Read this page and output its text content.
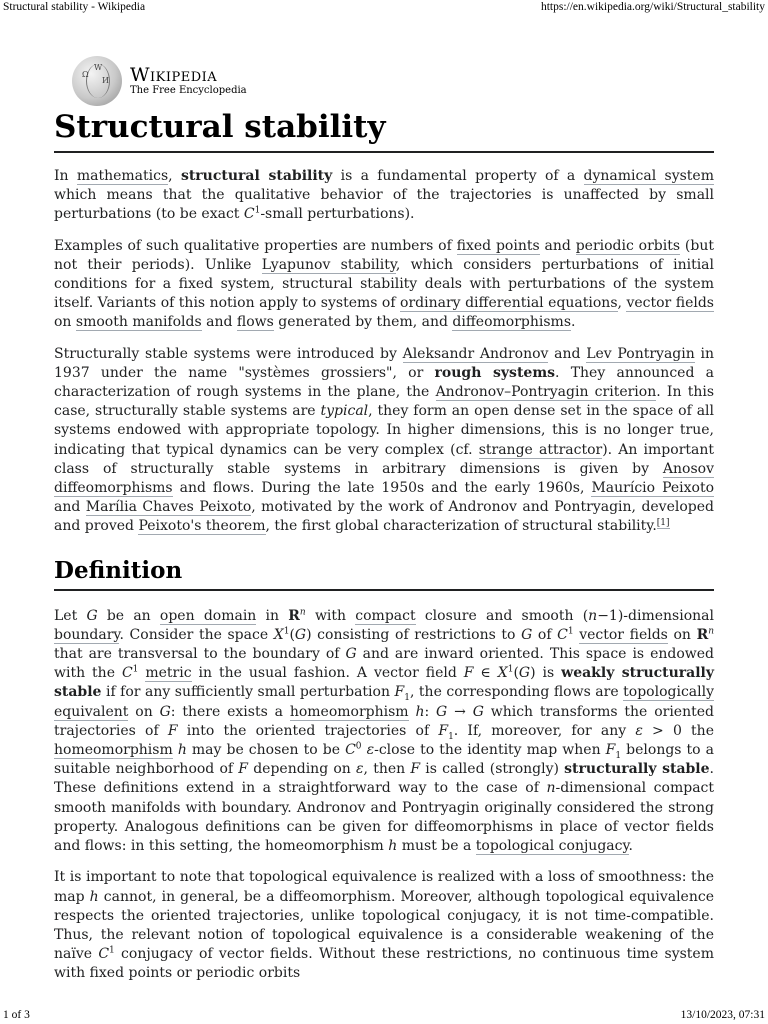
Structural stability - Wikipedia	https://en.wikipedia.org/wiki/Structural_stability
Ω
W
И Wikipedia
The Free Encyclopedia
Structural stability

In mathematics, structural stability is a fundamental property of a dynamical system which means that the qualitative behavior of the trajectories is unaffected by small perturbations (to be exact $C^1$-small perturbations).

Examples of such qualitative properties are numbers of fixed points and periodic orbits (but not their periods). Unlike Lyapunov stability, which considers perturbations of initial conditions for a fixed system, structural stability deals with perturbations of the system itself. Variants of this notion apply to systems of ordinary differential equations, vector fields on smooth manifolds and flows generated by them, and diffeomorphisms.

Structurally stable systems were introduced by Aleksandr Andronov and Lev Pontryagin in 1937 under the name "systèmes grossiers", or rough systems. They announced a characterization of rough systems in the plane, the Andronov–Pontryagin criterion. In this case, structurally stable systems are typical, they form an open dense set in the space of all systems endowed with appropriate topology. In higher dimensions, this is no longer true, indicating that typical dynamics can be very complex (cf. strange attractor). An important class of structurally stable systems in arbitrary dimensions is given by Anosov diffeomorphisms and flows. During the late 1950s and the early 1960s, Maurício Peixoto and Marília Chaves Peixoto, motivated by the work of Andronov and Pontryagin, developed and proved Peixoto's theorem, the first global characterization of structural stability.[1]

Definition

Let G be an open domain in $R^n$ with compact closure and smooth (n−1)-dimensional boundary. Consider the space $X^1(G)$ consisting of restrictions to G of $C^1$ vector fields on $R^n$ that are transversal to the boundary of G and are inward oriented. This space is endowed with the $C^1$ metric in the usual fashion. A vector field F ∈ $X^1(G)$ is weakly structurally stable if for any sufficiently small perturbation $F_1$, the corresponding flows are topologically equivalent on G: there exists a homeomorphism h: G → G which transforms the oriented trajectories of F into the oriented trajectories of $F_1$. If, moreover, for any ε > 0 the homeomorphism h may be chosen to be $C^0$ ε-close to the identity map when $F_1$ belongs to a suitable neighborhood of F depending on ε, then F is called (strongly) structurally stable. These definitions extend in a straightforward way to the case of n-dimensional compact smooth manifolds with boundary. Andronov and Pontryagin originally considered the strong property. Analogous definitions can be given for diffeomorphisms in place of vector fields and flows: in this setting, the homeomorphism h must be a topological conjugacy.

It is important to note that topological equivalence is realized with a loss of smoothness: the map h cannot, in general, be a diffeomorphism. Moreover, although topological equivalence respects the oriented trajectories, unlike topological conjugacy, it is not time-compatible. Thus, the relevant notion of topological equivalence is a considerable weakening of the naïve $C^1$ conjugacy of vector fields. Without these restrictions, no continuous time system with fixed points or periodic orbits

1 of 3	13/10/2023, 07:31
